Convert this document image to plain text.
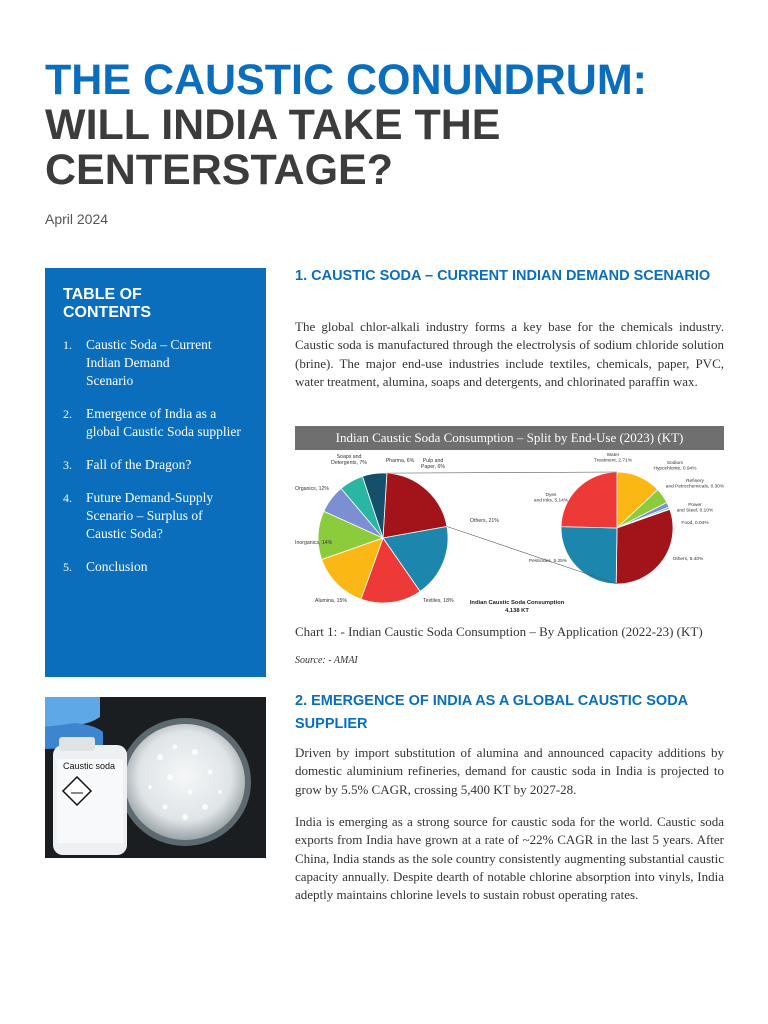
THE CAUSTIC CONUNDRUM:
WILL INDIA TAKE THE
CENTERSTAGE?
April 2024
TABLE OF CONTENTS
1.	Caustic Soda – Current Indian Demand Scenario
2.	Emergence of India as a global Caustic Soda supplier
3.	Fall of the Dragon?
4.	Future Demand-Supply Scenario – Surplus of Caustic Soda?
5.	Conclusion
Caustic soda
1. CAUSTIC SODA – CURRENT INDIAN DEMAND SCENARIO
The global chlor-alkali industry forms a key base for the chemicals industry. Caustic soda is manufactured through the electrolysis of sodium chloride solution (brine). The major end-use industries include textiles, chemicals, paper, PVC, water treatment, alumina, soaps and detergents, and chlorinated paraffin wax.
Indian Caustic Soda Consumption – Split by End-Use (2023) (KT)
Others, 21%
Textiles, 18%
Alumina, 15%
Inorganics, 14%
Organics, 12%
Soaps and Detergents, 7%	Pharma, 6%	Pulp and Paper, 6%
Water Treatment, 2.71%	Sodium Hypochlorite, 0.94%
Refinery and Petrochemicals, 0.30%
Power and Steel, 0.10%
Food, 0.04%
Others, 6.40%
Pesticides, 5.25%
Dyes and inks, 5.14%
Indian Caustic Soda Consumption
4,138 KT
Chart 1: - Indian Caustic Soda Consumption – By Application (2022-23) (KT)
Source: - AMAI
2. EMERGENCE OF INDIA AS A GLOBAL CAUSTIC SODA SUPPLIER
Driven by import substitution of alumina and announced capacity additions by domestic aluminium refineries, demand for caustic soda in India is projected to grow by 5.5% CAGR, crossing 5,400 KT by 2027-28.
India is emerging as a strong source for caustic soda for the world. Caustic soda exports from India have grown at a rate of ~22% CAGR in the last 5 years. After China, India stands as the sole country consistently augmenting substantial caustic capacity annually. Despite dearth of notable chlorine absorption into vinyls, India adeptly maintains chlorine levels to sustain robust operating rates.
